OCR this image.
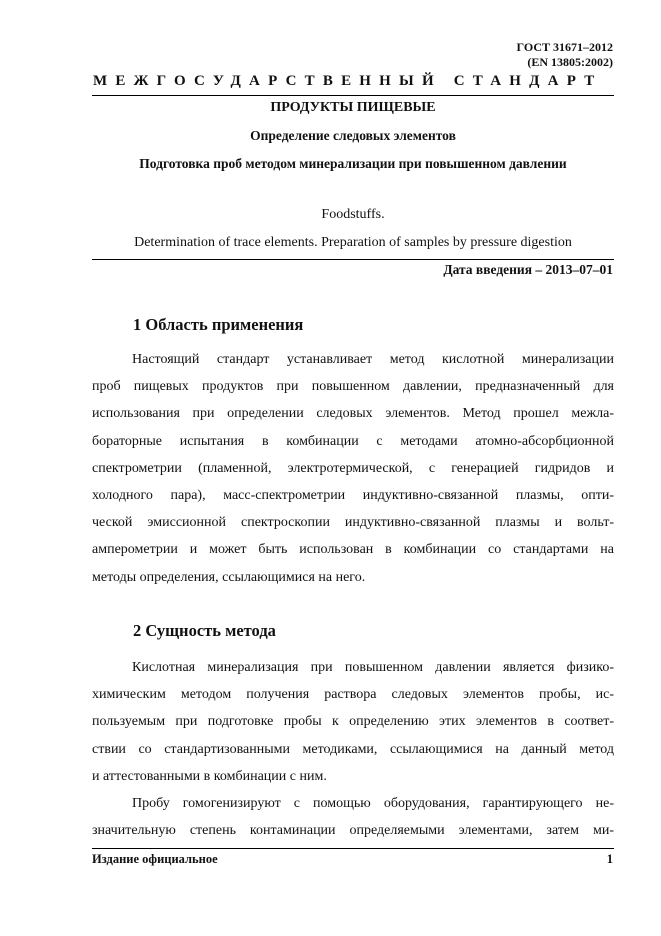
ГОСТ 31671–2012
(EN 13805:2002)
МЕЖГОСУДАРСТВЕННЫЙ СТАНДАРТ
ПРОДУКТЫ ПИЩЕВЫЕ
Определение следовых элементов
Подготовка проб методом минерализации при повышенном давлении
Foodstuffs.
Determination of trace elements. Preparation of samples by pressure digestion
Дата введения – 2013–07–01
1 Область применения
Настоящий стандарт устанавливает метод кислотной минерализации
проб пищевых продуктов при повышенном давлении, предназначенный для
использования при определении следовых элементов. Метод прошел межла-
бораторные испытания в комбинации с методами атомно-абсорбционной
спектрометрии (пламенной, электротермической, с генерацией гидридов и
холодного пара), масс-спектрометрии индуктивно-связанной плазмы, опти-
ческой эмиссионной спектроскопии индуктивно-связанной плазмы и вольт-
амперометрии и может быть использован в комбинации со стандартами на
методы определения, ссылающимися на него.
2 Сущность метода
Кислотная минерализация при повышенном давлении является физико-
химическим методом получения раствора следовых элементов пробы, ис-
пользуемым при подготовке пробы к определению этих элементов в соответ-
ствии со стандартизованными методиками, ссылающимися на данный метод
и аттестованными в комбинации с ним.
Пробу гомогенизируют с помощью оборудования, гарантирующего не-
значительную степень контаминации определяемыми элементами, затем ми-
Издание официальное	1
